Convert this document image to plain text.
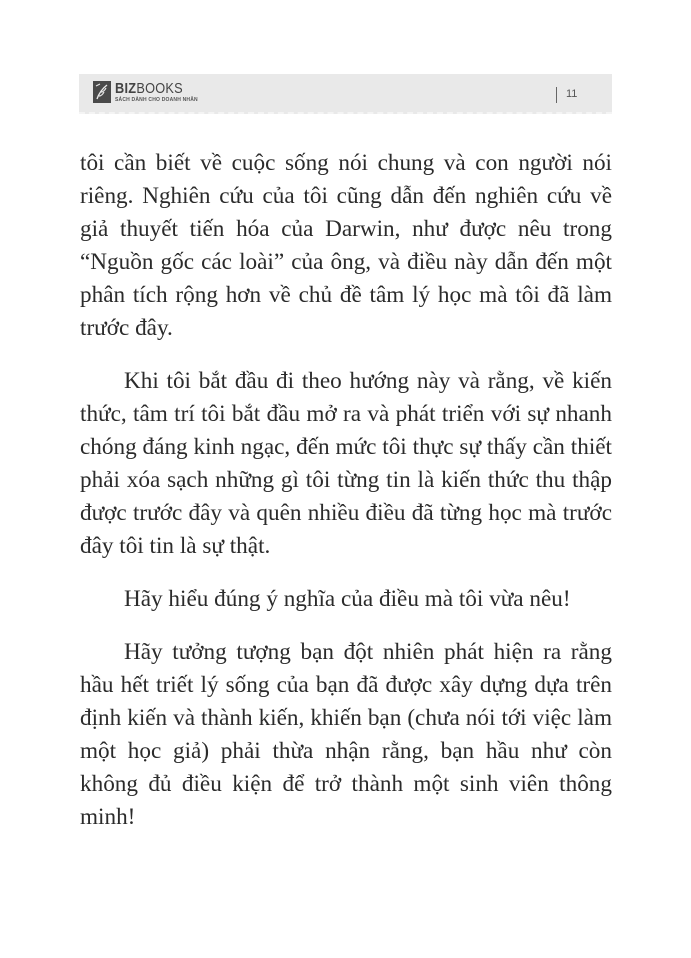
BIZBOOKS
SÁCH DÀNH CHO DOANH NHÂN	11

tôi cần biết về cuộc sống nói chung và con người nói riêng. Nghiên cứu của tôi cũng dẫn đến nghiên cứu về giả thuyết tiến hóa của Darwin, như được nêu trong “Nguồn gốc các loài” của ông, và điều này dẫn đến một phân tích rộng hơn về chủ đề tâm lý học mà tôi đã làm trước đây.

Khi tôi bắt đầu đi theo hướng này và rằng, về kiến thức, tâm trí tôi bắt đầu mở ra và phát triển với sự nhanh chóng đáng kinh ngạc, đến mức tôi thực sự thấy cần thiết phải xóa sạch những gì tôi từng tin là kiến thức thu thập được trước đây và quên nhiều điều đã từng học mà trước đây tôi tin là sự thật.

Hãy hiểu đúng ý nghĩa của điều mà tôi vừa nêu!

Hãy tưởng tượng bạn đột nhiên phát hiện ra rằng hầu hết triết lý sống của bạn đã được xây dựng dựa trên định kiến và thành kiến, khiến bạn (chưa nói tới việc làm một học giả) phải thừa nhận rằng, bạn hầu như còn không đủ điều kiện để trở thành một sinh viên thông minh!
